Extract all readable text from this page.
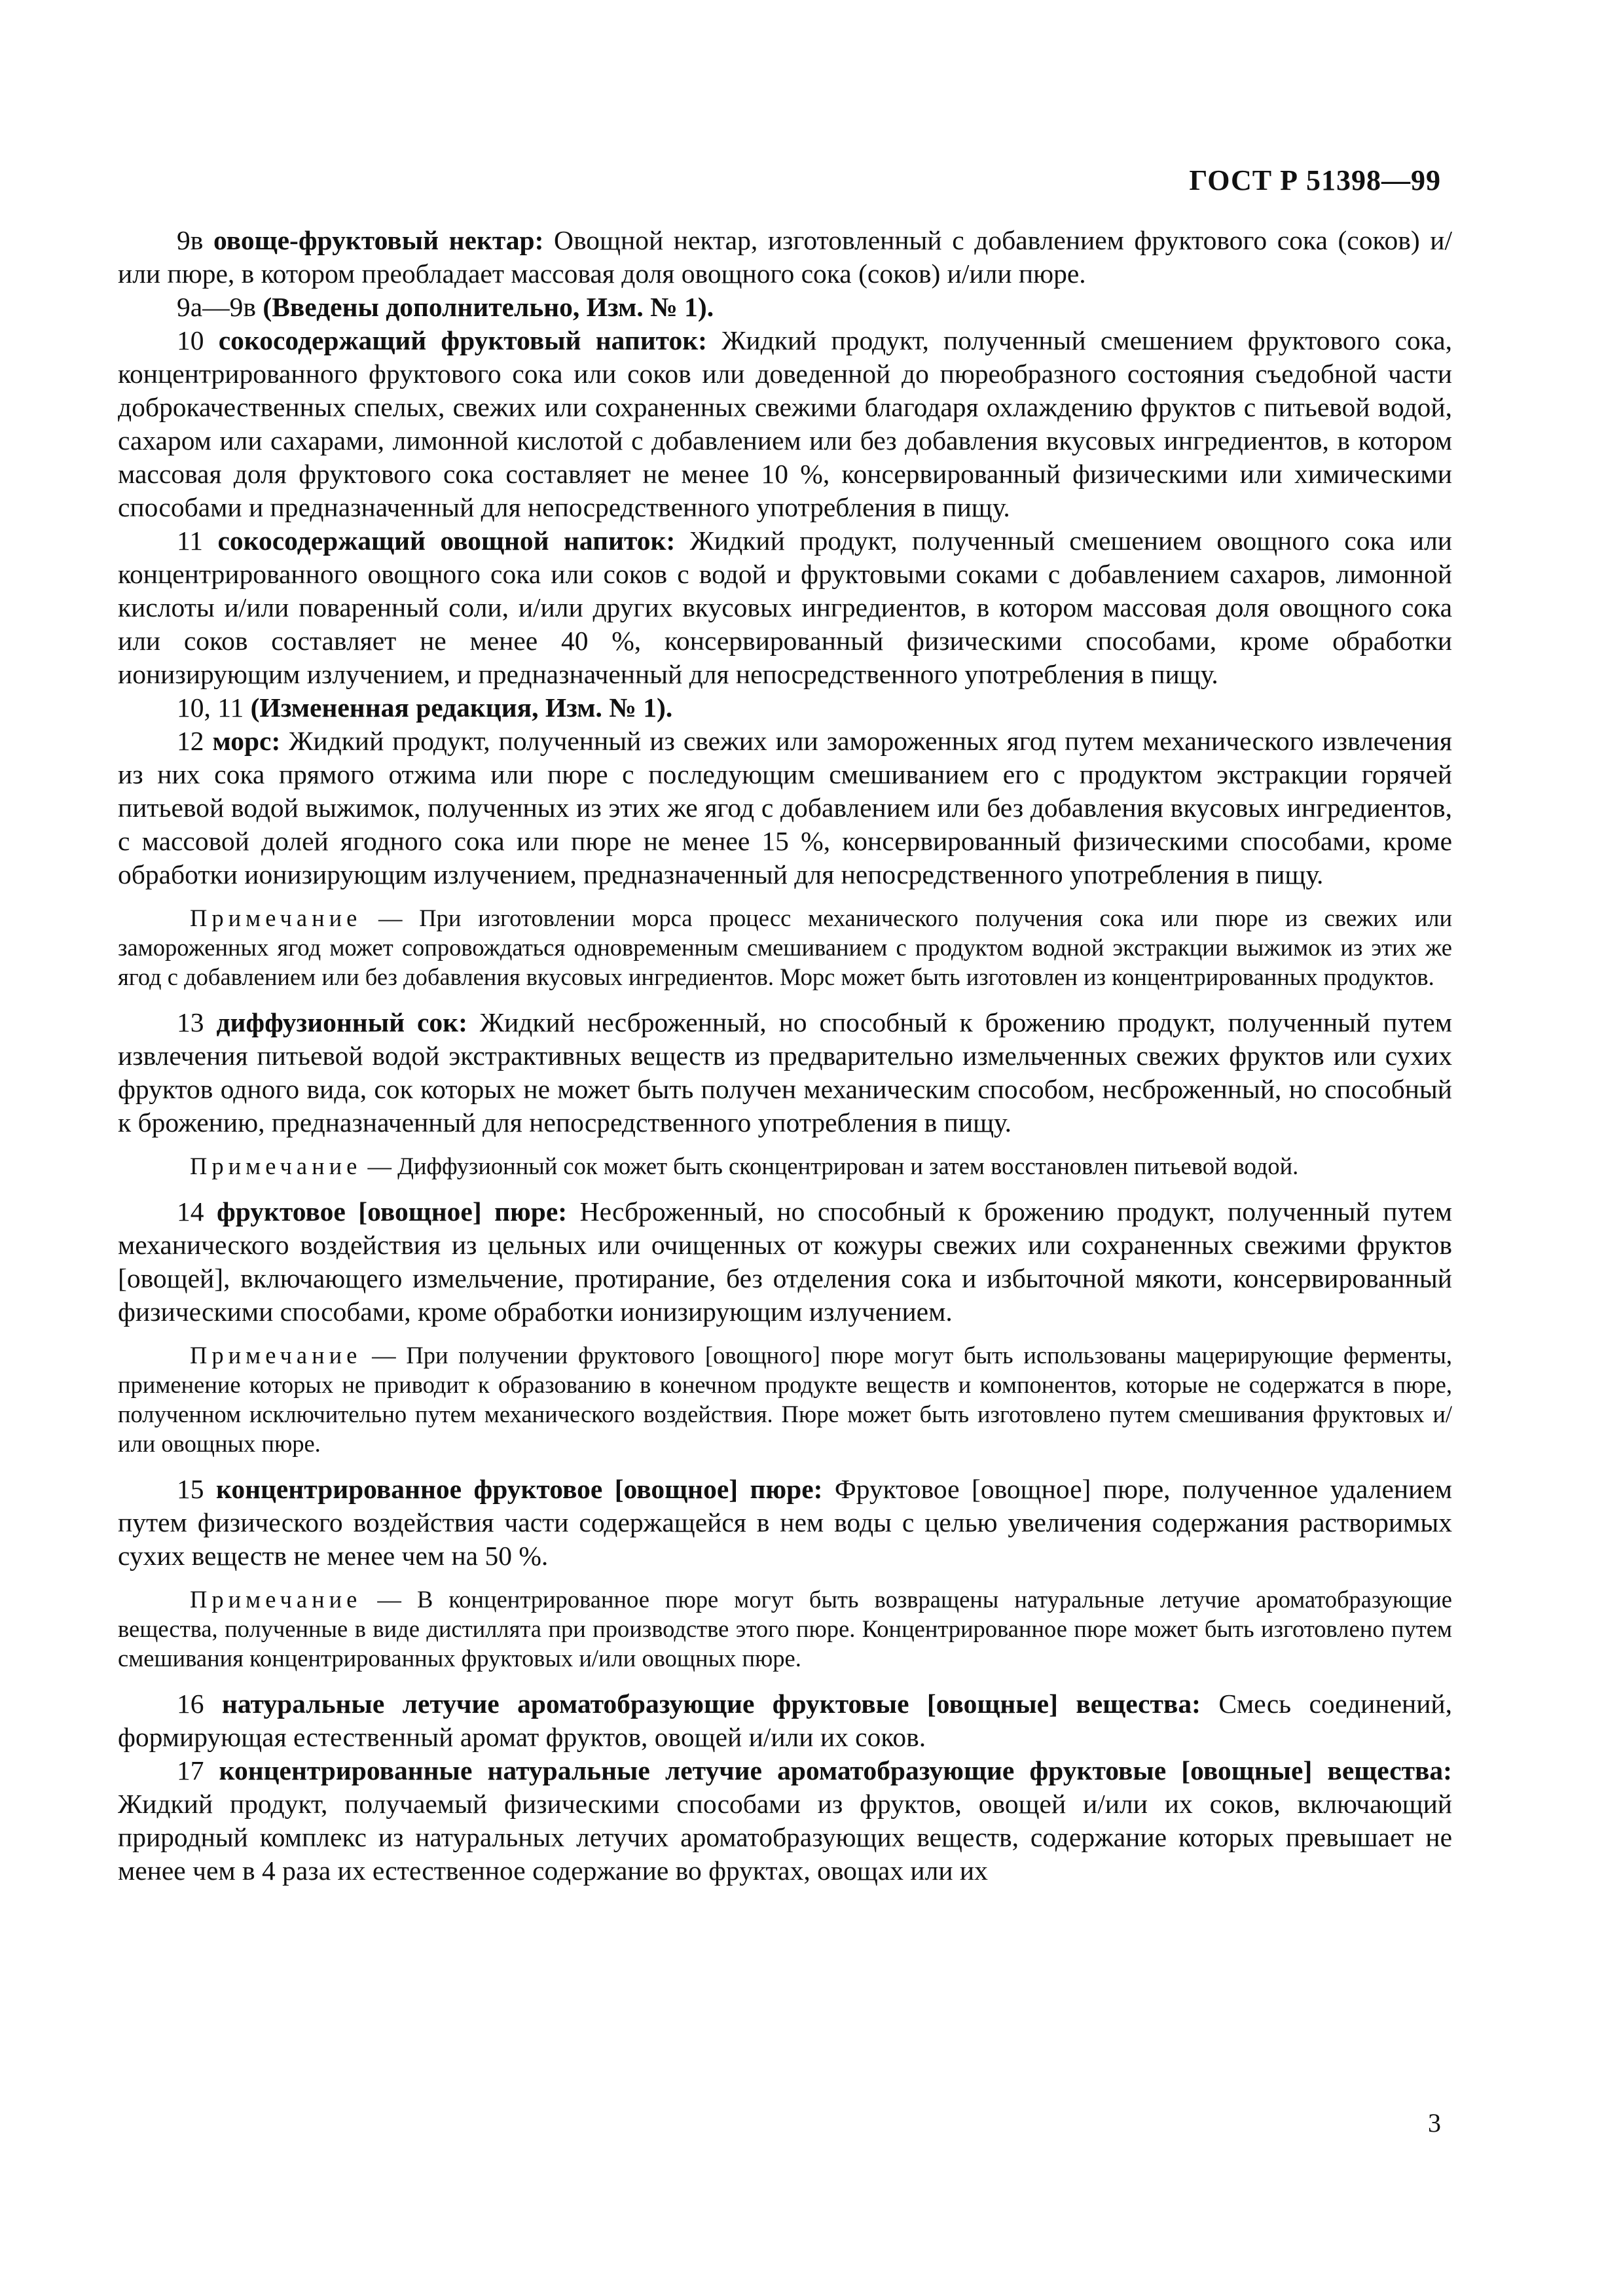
ГОСТ Р 51398—99

9в овоще-фруктовый нектар: Овощной нектар, изготовленный с добавлением фруктового сока (соков) и/или пюре, в котором преобладает массовая доля овощного сока (соков) и/или пюре.

9а—9в (Введены дополнительно, Изм. № 1).

10 сокосодержащий фруктовый напиток: Жидкий продукт, полученный смешением фруктового сока, концентрированного фруктового сока или соков или доведенной до пюреобразного состояния съедобной части доброкачественных спелых, свежих или сохраненных свежими благодаря охлаждению фруктов с питьевой водой, сахаром или сахарами, лимонной кислотой с добавлением или без добавления вкусовых ингредиентов, в котором массовая доля фруктового сока составляет не менее 10 %, консервированный физическими или химическими способами и предназначенный для непосредственного употребления в пищу.

11 сокосодержащий овощной напиток: Жидкий продукт, полученный смешением овощного сока или концентрированного овощного сока или соков с водой и фруктовыми соками с добавлением сахаров, лимонной кислоты и/или поваренный соли, и/или других вкусовых ингредиентов, в котором массовая доля овощного сока или соков составляет не менее 40 %, консервированный физическими способами, кроме обработки ионизирующим излучением, и предназначенный для непосредственного употребления в пищу.

10, 11 (Измененная редакция, Изм. № 1).

12 морс: Жидкий продукт, полученный из свежих или замороженных ягод путем механического извлечения из них сока прямого отжима или пюре с последующим смешиванием его с продуктом экстракции горячей питьевой водой выжимок, полученных из этих же ягод с добавлением или без добавления вкусовых ингредиентов, с массовой долей ягодного сока или пюре не менее 15 %, консервированный физическими способами, кроме обработки ионизирующим излучением, предназначенный для непосредственного употребления в пищу.

Примечание — При изготовлении морса процесс механического получения сока или пюре из свежих или замороженных ягод может сопровождаться одновременным смешиванием с продуктом водной экстракции выжимок из этих же ягод с добавлением или без добавления вкусовых ингредиентов. Морс может быть изготовлен из концентрированных продуктов.

13 диффузионный сок: Жидкий несброженный, но способный к брожению продукт, полученный путем извлечения питьевой водой экстрактивных веществ из предварительно измельченных свежих фруктов или сухих фруктов одного вида, сок которых не может быть получен механическим способом, несброженный, но способный к брожению, предназначенный для непосредственного употребления в пищу.

Примечание — Диффузионный сок может быть сконцентрирован и затем восстановлен питьевой водой.

14 фруктовое [овощное] пюре: Несброженный, но способный к брожению продукт, полученный путем механического воздействия из цельных или очищенных от кожуры свежих или сохраненных свежими фруктов [овощей], включающего измельчение, протирание, без отделения сока и избыточной мякоти, консервированный физическими способами, кроме обработки ионизирующим излучением.

Примечание — При получении фруктового [овощного] пюре могут быть использованы мацерирующие ферменты, применение которых не приводит к образованию в конечном продукте веществ и компонентов, которые не содержатся в пюре, полученном исключительно путем механического воздействия. Пюре может быть изготовлено путем смешивания фруктовых и/или овощных пюре.

15 концентрированное фруктовое [овощное] пюре: Фруктовое [овощное] пюре, полученное удалением путем физического воздействия части содержащейся в нем воды с целью увеличения содержания растворимых сухих веществ не менее чем на 50 %.

Примечание — В концентрированное пюре могут быть возвращены натуральные летучие ароматобразующие вещества, полученные в виде дистиллята при производстве этого пюре. Концентрированное пюре может быть изготовлено путем смешивания концентрированных фруктовых и/или овощных пюре.

16 натуральные летучие ароматобразующие фруктовые [овощные] вещества: Смесь соединений, формирующая естественный аромат фруктов, овощей и/или их соков.

17 концентрированные натуральные летучие ароматобразующие фруктовые [овощные] вещества: Жидкий продукт, получаемый физическими способами из фруктов, овощей и/или их соков, включающий природный комплекс из натуральных летучих ароматобразующих веществ, содержание которых превышает не менее чем в 4 раза их естественное содержание во фруктах, овощах или их

3
